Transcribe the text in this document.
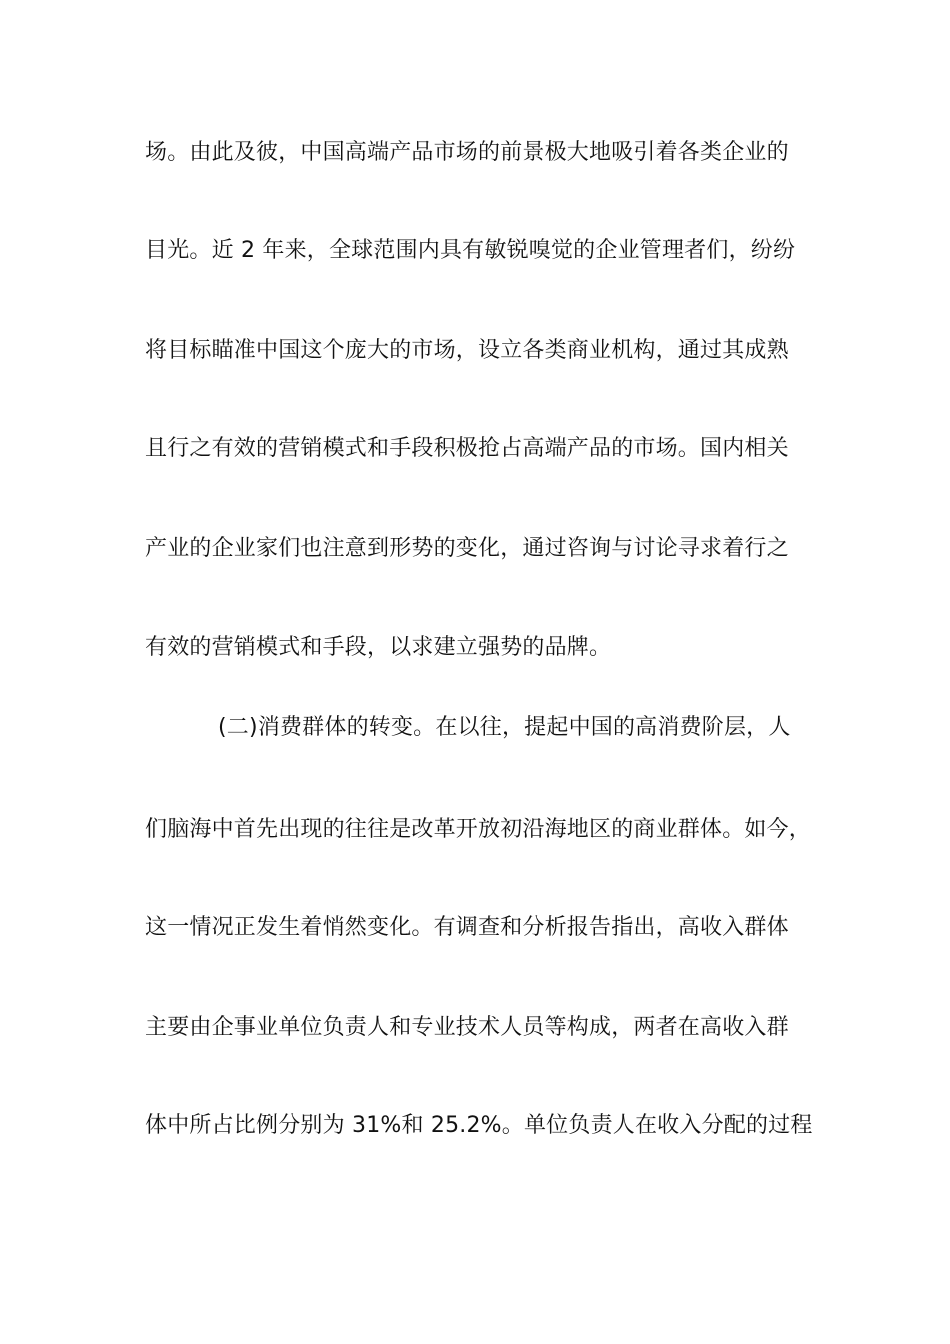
场。由此及彼，中国高端产品市场的前景极大地吸引着各类企业的
目光。近 2 年来，全球范围内具有敏锐嗅觉的企业管理者们，纷纷
将目标瞄准中国这个庞大的市场，设立各类商业机构，通过其成熟
且行之有效的营销模式和手段积极抢占高端产品的市场。国内相关
产业的企业家们也注意到形势的变化，通过咨询与讨论寻求着行之
有效的营销模式和手段，以求建立强势的品牌。
(二)消费群体的转变。在以往，提起中国的高消费阶层，人
们脑海中首先出现的往往是改革开放初沿海地区的商业群体。如今，
这一情况正发生着悄然变化。有调查和分析报告指出，高收入群体
主要由企事业单位负责人和专业技术人员等构成，两者在高收入群
体中所占比例分别为 31%和 25.2%。单位负责人在收入分配的过程
